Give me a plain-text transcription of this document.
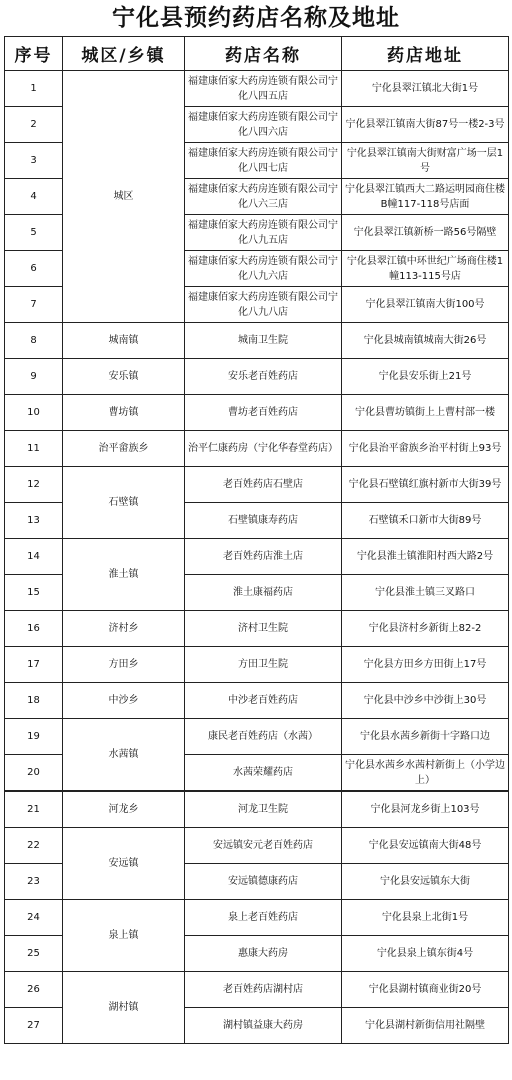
宁化县预约药店名称及地址
序号	城区/乡镇	药店名称	药店地址
1	城区	福建康佰家大药房连锁有限公司宁化八四五店	宁化县翠江镇北大街1号
2		福建康佰家大药房连锁有限公司宁化八四六店	宁化县翠江镇南大街87号一楼2-3号
3		福建康佰家大药房连锁有限公司宁化八四七店	宁化县翠江镇南大街财富广场一层1号
4		福建康佰家大药房连锁有限公司宁化八六三店	宁化县翠江镇西大二路运明园商住楼B幢117-118号店面
5		福建康佰家大药房连锁有限公司宁化八九五店	宁化县翠江镇新桥一路56号隔壁
6		福建康佰家大药房连锁有限公司宁化八九六店	宁化县翠江镇中环世纪广场商住楼1幢113-115号店
7		福建康佰家大药房连锁有限公司宁化八九八店	宁化县翠江镇南大街100号
8	城南镇	城南卫生院	宁化县城南镇城南大街26号
9	安乐镇	安乐老百姓药店	宁化县安乐街上21号
10	曹坊镇	曹坊老百姓药店	宁化县曹坊镇街上上曹村部一楼
11	治平畲族乡	治平仁康药房（宁化华春堂药店）	宁化县治平畲族乡治平村街上93号
12	石壁镇	老百姓药店石壁店	宁化县石壁镇红旗村新市大街39号
13		石壁镇康寿药店	石壁镇禾口新市大街89号
14	淮土镇	老百姓药店淮土店	宁化县淮土镇淮阳村西大路2号
15		淮土康福药店	宁化县淮土镇三叉路口
16	济村乡	济村卫生院	宁化县济村乡新街上82-2
17	方田乡	方田卫生院	宁化县方田乡方田街上17号
18	中沙乡	中沙老百姓药店	宁化县中沙乡中沙街上30号
19	水茜镇	康民老百姓药店（水茜）	宁化县水茜乡新街十字路口边
20		水茜荣耀药店	宁化县水茜乡水茜村新街上（小学边上）
21	河龙乡	河龙卫生院	宁化县河龙乡街上103号
22	安远镇	安远镇安元老百姓药店	宁化县安远镇南大街48号
23		安远镇德康药店	宁化县安远镇东大街
24	泉上镇	泉上老百姓药店	宁化县泉上北街1号
25		惠康大药房	宁化县泉上镇东街4号
26	湖村镇	老百姓药店湖村店	宁化县湖村镇商业街20号
27		湖村镇益康大药房	宁化县湖村新街信用社隔壁
